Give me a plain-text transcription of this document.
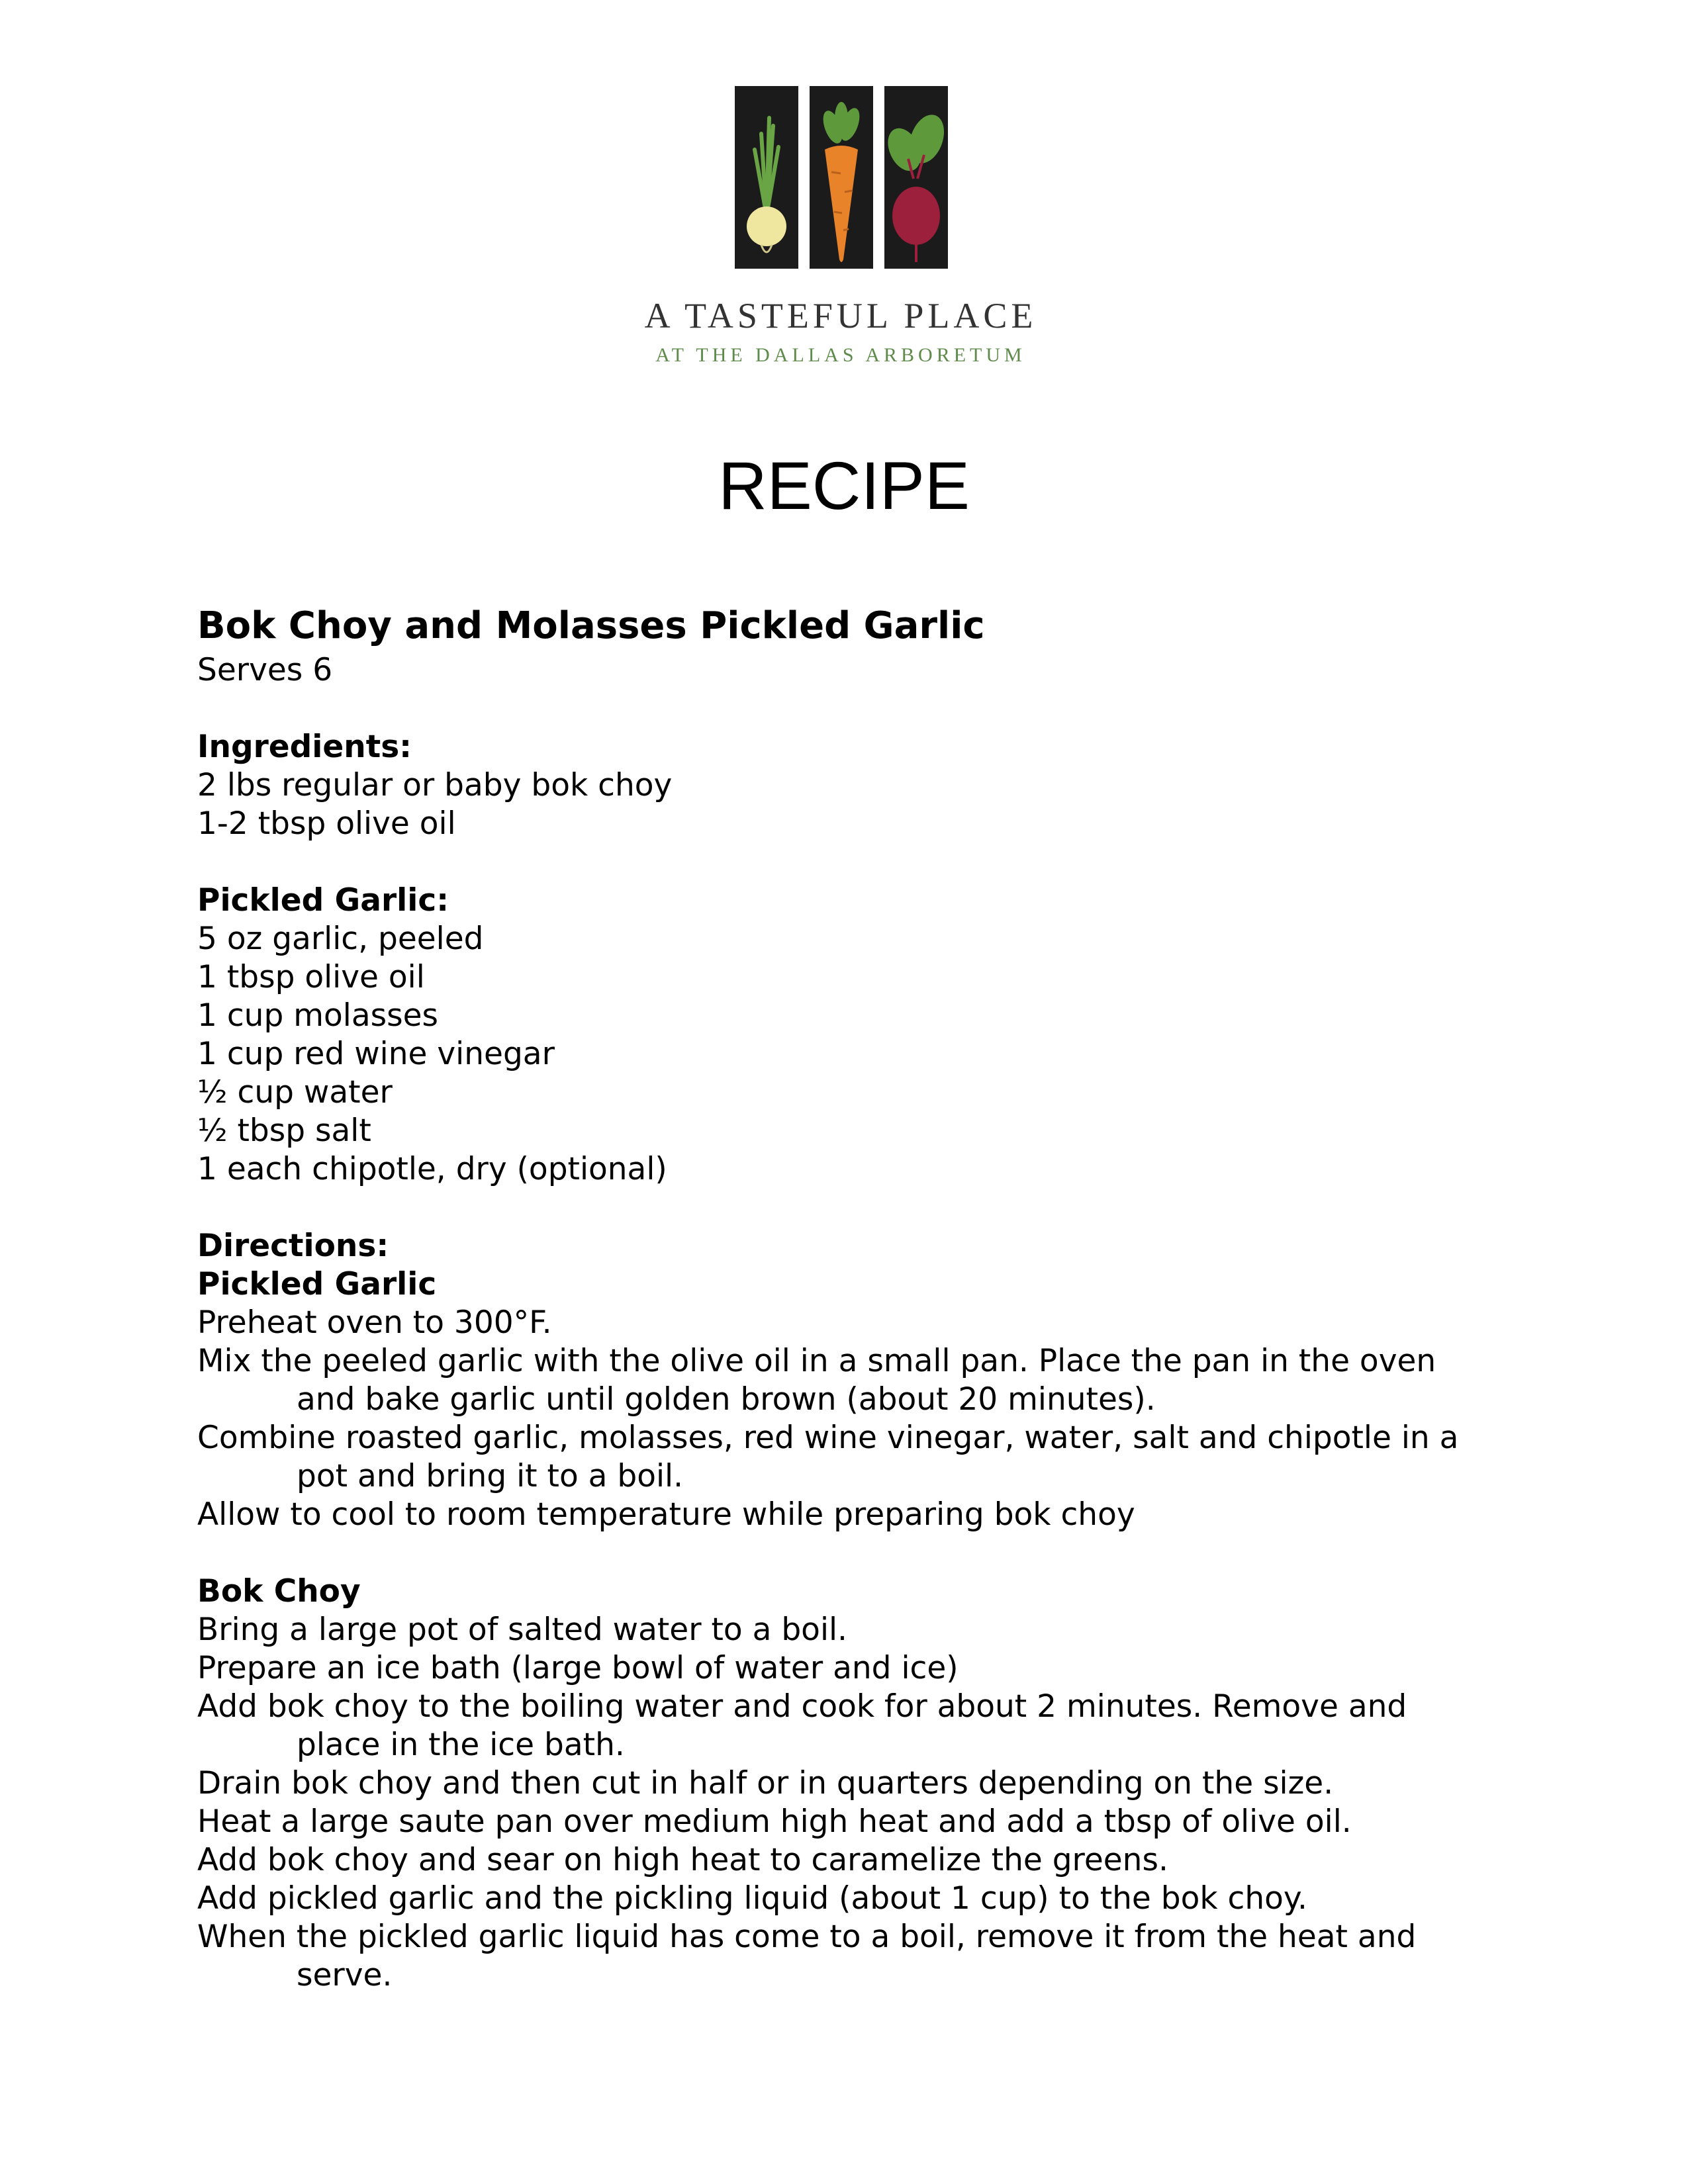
A TASTEFUL PLACE
AT THE DALLAS ARBORETUM
RECIPE

Bok Choy and Molasses Pickled Garlic

Serves 6

Ingredients:

2 lbs regular or baby bok choy

1-2 tbsp olive oil

Pickled Garlic:

5 oz garlic, peeled

1 tbsp olive oil

1 cup molasses

1 cup red wine vinegar

½ cup water

½ tbsp salt

1 each chipotle, dry (optional)

Directions:

Pickled Garlic

Preheat oven to 300°F.

Mix the peeled garlic with the olive oil in a small pan. Place the pan in the oven and bake garlic until golden brown (about 20 minutes).

Combine roasted garlic, molasses, red wine vinegar, water, salt and chipotle in a pot and bring it to a boil.

Allow to cool to room temperature while preparing bok choy

Bok Choy

Bring a large pot of salted water to a boil.

Prepare an ice bath (large bowl of water and ice)

Add bok choy to the boiling water and cook for about 2 minutes. Remove and place in the ice bath.

Drain bok choy and then cut in half or in quarters depending on the size.

Heat a large saute pan over medium high heat and add a tbsp of olive oil.

Add bok choy and sear on high heat to caramelize the greens.

Add pickled garlic and the pickling liquid (about 1 cup) to the bok choy.

When the pickled garlic liquid has come to a boil, remove it from the heat and serve.
